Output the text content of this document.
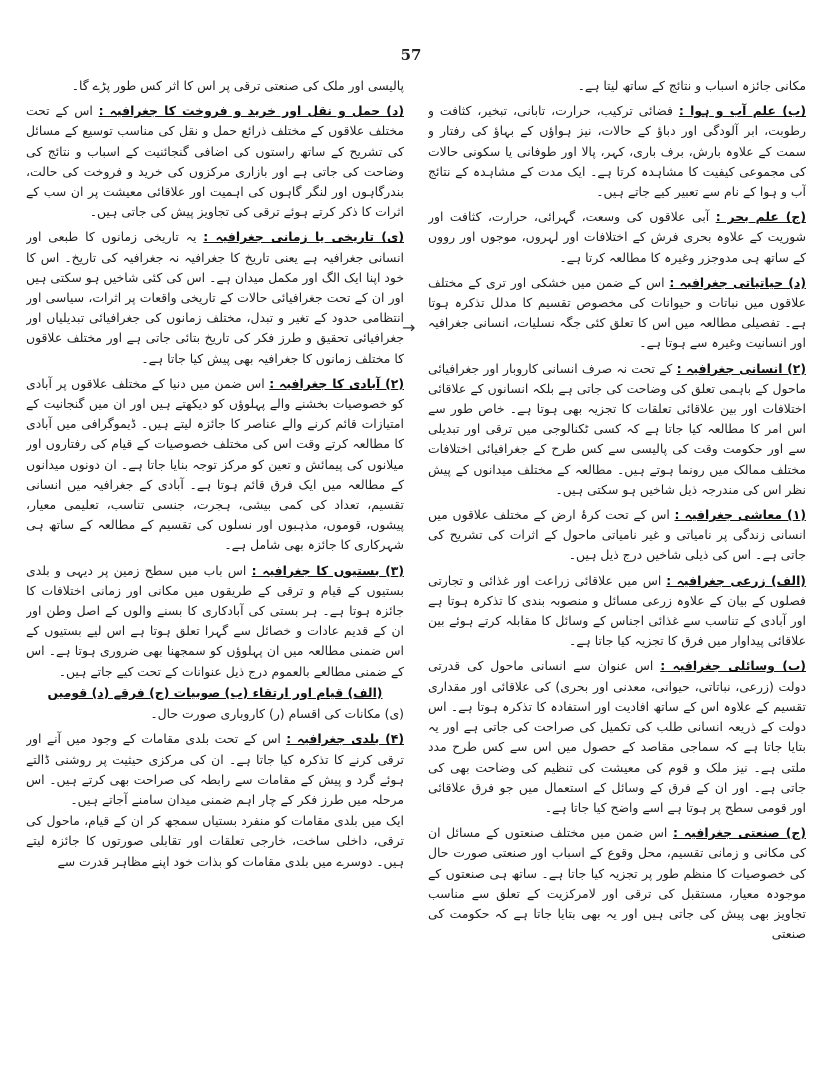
57

مکانی جائزہ اسباب و نتائج کے ساتھ لیتا ہے۔

(ب) علم آب و ہوا : فضائی ترکیب، حرارت، تابانی، تبخیر، کثافت و رطوبت، ابر آلودگی اور دباؤ کے حالات، نیز ہواؤں کے بہاؤ کی رفتار و سمت کے علاوہ بارش، برف باری، کہر، پالا اور طوفانی یا سکونی حالات کی مجموعی کیفیت کا مشاہدہ کرتا ہے۔ ایک مدت کے مشاہدہ کے نتائج آب و ہوا کے نام سے تعبیر کیے جاتے ہیں۔

(ج) علم بحر : آبی علاقوں کی وسعت، گہرائی، حرارت، کثافت اور شوریت کے علاوہ بحری فرش کے اختلافات اور لہروں، موجوں اور رووں کے ساتھ ہی مدوجزر وغیرہ کا مطالعہ کرتا ہے۔

(د) حیاتیاتی جغرافیہ : اس کے ضمن میں خشکی اور تری کے مختلف علاقوں میں نباتات و حیوانات کی مخصوص تقسیم کا مدلل تذکرہ ہوتا ہے۔ تفصیلی مطالعہ میں اس کا تعلق کئی جگہ نسلیات، انسانی جغرافیہ اور انسانیت وغیرہ سے ہوتا ہے۔

(۲) انسانی جغرافیہ : کے تحت نہ صرف انسانی کاروبار اور جغرافیائی ماحول کے باہمی تعلق کی وضاحت کی جاتی ہے بلکہ انسانوں کے علاقائی اختلافات اور بین علاقائی تعلقات کا تجزیہ بھی ہوتا ہے۔ خاص طور سے اس امر کا مطالعہ کیا جاتا ہے کہ کسی ٹکنالوجی میں ترقی اور تبدیلی سے اور حکومت وقت کی پالیسی سے کس طرح کے جغرافیائی اختلافات مختلف ممالک میں رونما ہوتے ہیں۔ مطالعہ کے مختلف میدانوں کے پیش نظر اس کی مندرجہ ذیل شاخیں ہو سکتی ہیں۔

(۱) معاشی جغرافیہ : اس کے تحت کرۂ ارض کے مختلف علاقوں میں انسانی زندگی پر نامیاتی و غیر نامیاتی ماحول کے اثرات کی تشریح کی جاتی ہے۔ اس کی ذیلی شاخیں درج ذیل ہیں۔

(الف) زرعی جغرافیہ : اس میں علاقائی زراعت اور غذائی و تجارتی فصلوں کے بیان کے علاوہ زرعی مسائل و منصوبہ بندی کا تذکرہ ہوتا ہے اور آبادی کے تناسب سے غذائی اجناس کے وسائل کا مقابلہ کرتے ہوئے بین علاقائی پیداوار میں فرق کا تجزیہ کیا جاتا ہے۔

(ب) وسائلی جغرافیہ : اس عنوان سے انسانی ماحول کی قدرتی دولت (زرعی، نباتاتی، حیوانی، معدنی اور بحری) کی علاقائی اور مقداری تقسیم کے علاوہ اس کے ساتھ افادیت اور استفادہ کا تذکرہ ہوتا ہے۔ اس دولت کے ذریعہ انسانی طلب کی تکمیل کی صراحت کی جاتی ہے اور یہ بتایا جاتا ہے کہ سماجی مقاصد کے حصول میں اس سے کس طرح مدد ملتی ہے۔ نیز ملک و قوم کی معیشت کی تنظیم کی وضاحت بھی کی جاتی ہے۔ اور ان کے فرق کے وسائل کے استعمال میں جو فرق علاقائی اور قومی سطح پر ہوتا ہے اسے واضح کیا جاتا ہے۔

(ج) صنعتی جغرافیہ : اس ضمن میں مختلف صنعتوں کے مسائل ان کی مکانی و زمانی تقسیم، محل وقوع کے اسباب اور صنعتی صورت حال کی خصوصیات کا منظم طور پر تجزیہ کیا جاتا ہے۔ ساتھ ہی صنعتوں کے موجودہ معیار، مستقبل کی ترقی اور لامرکزیت کے تعلق سے مناسب تجاویز بھی پیش کی جاتی ہیں اور یہ بھی بتایا جاتا ہے کہ حکومت کی صنعتی

پالیسی اور ملک کی صنعتی ترقی پر اس کا اثر کس طور پڑے گا۔

(د) حمل و نقل اور خرید و فروخت کا جغرافیہ : اس کے تحت مختلف علاقوں کے مختلف ذرائع حمل و نقل کی مناسب توسیع کے مسائل کی تشریح کے ساتھ راستوں کی اضافی گنجائنیت کے اسباب و نتائج کی وضاحت کی جاتی ہے اور بازاری مرکزوں کی خرید و فروخت کی حالت، بندرگاہوں اور لنگر گاہوں کی اہمیت اور علاقائی معیشت پر ان سب کے اثرات کا ذکر کرتے ہوئے ترقی کی تجاویز پیش کی جاتی ہیں۔

(ی) تاریخی یا زمانی جغرافیہ : یہ تاریخی زمانوں کا طبعی اور انسانی جغرافیہ ہے یعنی تاریخ کا جغرافیہ نہ جغرافیہ کی تاریخ۔ اس کا خود اپنا ایک الگ اور مکمل میدان ہے۔ اس کی کئی شاخیں ہو سکتی ہیں اور ان کے تحت جغرافیائی حالات کے تاریخی واقعات پر اثرات، سیاسی اور انتظامی حدود کے تغیر و تبدل، مختلف زمانوں کی جغرافیائی تبدیلیاں اور جغرافیائی تحقیق و طرز فکر کی تاریخ بتائی جاتی ہے اور مختلف علاقوں کا مختلف زمانوں کا جغرافیہ بھی پیش کیا جاتا ہے۔

(۲) آبادی کا جغرافیہ : اس ضمن میں دنیا کے مختلف علاقوں پر آبادی کو خصوصیات بخشنے والے پہلوؤں کو دیکھتے ہیں اور ان میں گنجانیت کے امتیازات قائم کرنے والے عناصر کا جائزہ لیتے ہیں۔ ڈیموگرافی میں آبادی کا مطالعہ کرتے وقت اس کی مختلف خصوصیات کے قیام کی رفتاروں اور میلانوں کی پیمائش و تعین کو مرکز توجہ بنایا جاتا ہے۔ ان دونوں میدانوں کے مطالعہ میں ایک فرق قائم ہوتا ہے۔ آبادی کے جغرافیہ میں انسانی تقسیم، تعداد کی کمی بیشی، ہجرت، جنسی تناسب، تعلیمی معیار، پیشوں، قوموں، مذہبوں اور نسلوں کی تقسیم کے مطالعہ کے ساتھ ہی شہرکاری کا جائزہ بھی شامل ہے۔

(۳) بستیوں کا جغرافیہ : اس باب میں سطح زمین پر دیہی و بلدی بستیوں کے قیام و ترقی کے طریقوں میں مکانی اور زمانی اختلافات کا جائزہ ہوتا ہے۔ ہر بستی کی آبادکاری کا بسنے والوں کے اصل وطن اور ان کے قدیم عادات و خصائل سے گہرا تعلق ہوتا ہے اس لیے بستیوں کے اس ضمنی مطالعہ میں ان پہلوؤں کو سمجھنا بھی ضروری ہوتا ہے۔ اس کے ضمنی مطالعے بالعموم درج ذیل عنوانات کے تحت کیے جاتے ہیں۔

(الف) قیام اور ارتقاء (ب) صوبیات (ج) فرقے (د) قومیں

(ی) مکانات کی اقسام (ر) کاروباری صورت حال۔

(۴) بلدی جغرافیہ : اس کے تحت بلدی مقامات کے وجود میں آنے اور ترقی کرنے کا تذکرہ کیا جاتا ہے۔ ان کی مرکزی حیثیت پر روشنی ڈالتے ہوئے گرد و پیش کے مقامات سے رابطہ کی صراحت بھی کرتے ہیں۔ اس مرحلہ میں طرز فکر کے چار اہم ضمنی میدان سامنے آجاتے ہیں۔

ایک میں بلدی مقامات کو منفرد بستیاں سمجھ کر ان کے قیام، ماحول کی ترقی، داخلی ساخت، خارجی تعلقات اور تقابلی صورتوں کا جائزہ لیتے ہیں۔ دوسرے میں بلدی مقامات کو بذات خود اپنے مظاہر قدرت سے

→
